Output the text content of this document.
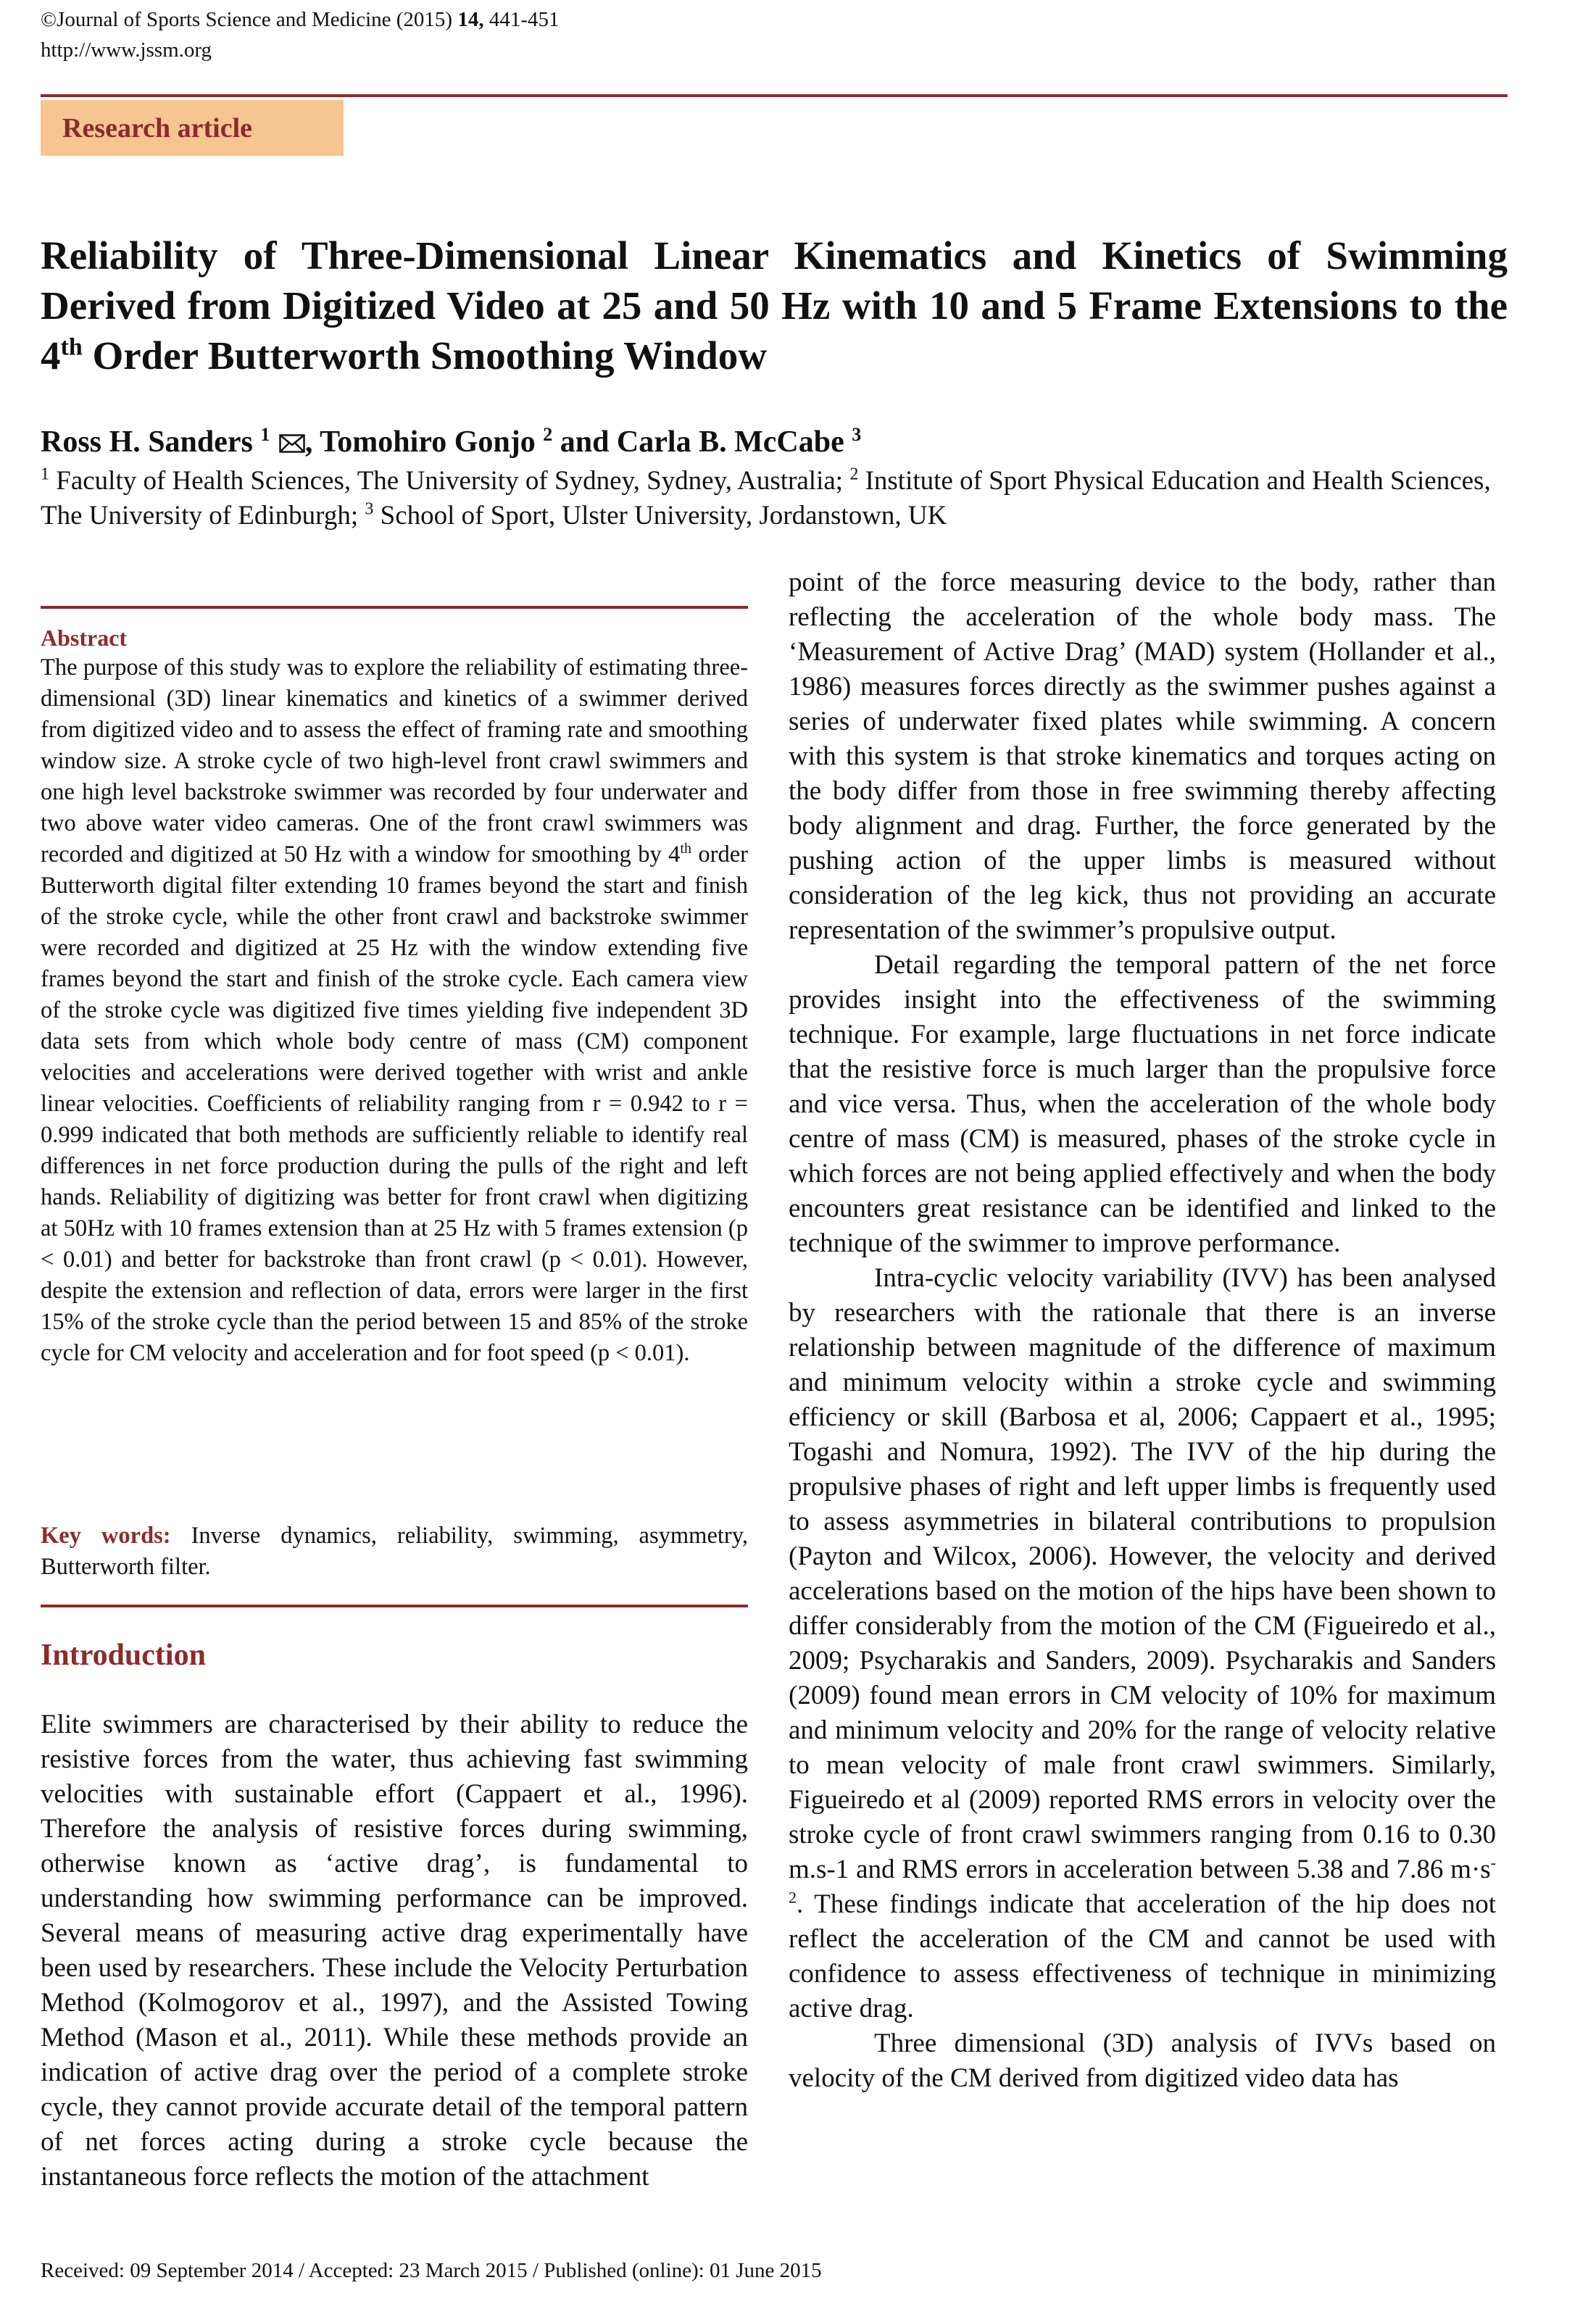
©Journal of Sports Science and Medicine (2015) 14, 441-451
http://www.jssm.org
Research article
Reliability of Three-Dimensional Linear Kinematics and Kinetics of Swimming Derived from Digitized Video at 25 and 50 Hz with 10 and 5 Frame Extensions to the 4th Order Butterworth Smoothing Window
Ross H. Sanders $^1$ , Tomohiro Gonjo $^2$ and Carla B. McCabe $^3$
$^1$ Faculty of Health Sciences, The University of Sydney, Sydney, Australia; $^2$ Institute of Sport Physical Education and Health Sciences, The University of Edinburgh; $^3$ School of Sport, Ulster University, Jordanstown, UK
Abstract

The purpose of this study was to explore the reliability of estimating three-dimensional (3D) linear kinematics and kinetics of a swimmer derived from digitized video and to assess the effect of framing rate and smoothing window size. A stroke cycle of two high-level front crawl swimmers and one high level backstroke swimmer was recorded by four underwater and two above water video cameras. One of the front crawl swimmers was recorded and digitized at 50 Hz with a window for smoothing by 4th order Butterworth digital filter extending 10 frames beyond the start and finish of the stroke cycle, while the other front crawl and backstroke swimmer were recorded and digitized at 25 Hz with the window extending five frames beyond the start and finish of the stroke cycle. Each camera view of the stroke cycle was digitized five times yielding five independent 3D data sets from which whole body centre of mass (CM) component velocities and accelerations were derived together with wrist and ankle linear velocities. Coefficients of reliability ranging from r = 0.942 to r = 0.999 indicated that both methods are sufficiently reliable to identify real differences in net force production during the pulls of the right and left hands. Reliability of digitizing was better for front crawl when digitizing at 50Hz with 10 frames extension than at 25 Hz with 5 frames extension (p < 0.01) and better for backstroke than front crawl (p < 0.01). However, despite the extension and reflection of data, errors were larger in the first 15% of the stroke cycle than the period between 15 and 85% of the stroke cycle for CM velocity and acceleration and for foot speed (p < 0.01).

Key words: Inverse dynamics, reliability, swimming, asymmetry, Butterworth filter.
Introduction

Elite swimmers are characterised by their ability to reduce the resistive forces from the water, thus achieving fast swimming velocities with sustainable effort (Cappaert et al., 1996). Therefore the analysis of resistive forces during swimming, otherwise known as ‘active drag’, is fundamental to understanding how swimming performance can be improved. Several means of measuring active drag experimentally have been used by researchers. These include the Velocity Perturbation Method (Kolmogorov et al., 1997), and the Assisted Towing Method (Mason et al., 2011). While these methods provide an indication of active drag over the period of a complete stroke cycle, they cannot provide accurate detail of the temporal pattern of net forces acting during a stroke cycle because the instantaneous force reflects the motion of the attachment

point of the force measuring device to the body, rather than reflecting the acceleration of the whole body mass. The ‘Measurement of Active Drag’ (MAD) system (Hollander et al., 1986) measures forces directly as the swimmer pushes against a series of underwater fixed plates while swimming. A concern with this system is that stroke kinematics and torques acting on the body differ from those in free swimming thereby affecting body alignment and drag. Further, the force generated by the pushing action of the upper limbs is measured without consideration of the leg kick, thus not providing an accurate representation of the swimmer’s propulsive output.

Detail regarding the temporal pattern of the net force provides insight into the effectiveness of the swimming technique. For example, large fluctuations in net force indicate that the resistive force is much larger than the propulsive force and vice versa. Thus, when the acceleration of the whole body centre of mass (CM) is measured, phases of the stroke cycle in which forces are not being applied effectively and when the body encounters great resistance can be identified and linked to the technique of the swimmer to improve performance.

Intra-cyclic velocity variability (IVV) has been analysed by researchers with the rationale that there is an inverse relationship between magnitude of the difference of maximum and minimum velocity within a stroke cycle and swimming efficiency or skill (Barbosa et al, 2006; Cappaert et al., 1995; Togashi and Nomura, 1992). The IVV of the hip during the propulsive phases of right and left upper limbs is frequently used to assess asymmetries in bilateral contributions to propulsion (Payton and Wilcox, 2006). However, the velocity and derived accelerations based on the motion of the hips have been shown to differ considerably from the motion of the CM (Figueiredo et al., 2009; Psycharakis and Sanders, 2009). Psycharakis and Sanders (2009) found mean errors in CM velocity of 10% for maximum and minimum velocity and 20% for the range of velocity relative to mean velocity of male front crawl swimmers. Similarly, Figueiredo et al (2009) reported RMS errors in velocity over the stroke cycle of front crawl swimmers ranging from 0.16 to 0.30 m.s-1 and RMS errors in acceleration between 5.38 and 7.86 $m\cdot s^{-2}$. These findings indicate that acceleration of the hip does not reflect the acceleration of the CM and cannot be used with confidence to assess effectiveness of technique in minimizing active drag.

Three dimensional (3D) analysis of IVVs based on velocity of the CM derived from digitized video data has

Received: 09 September 2014 / Accepted: 23 March 2015 / Published (online): 01 June 2015
